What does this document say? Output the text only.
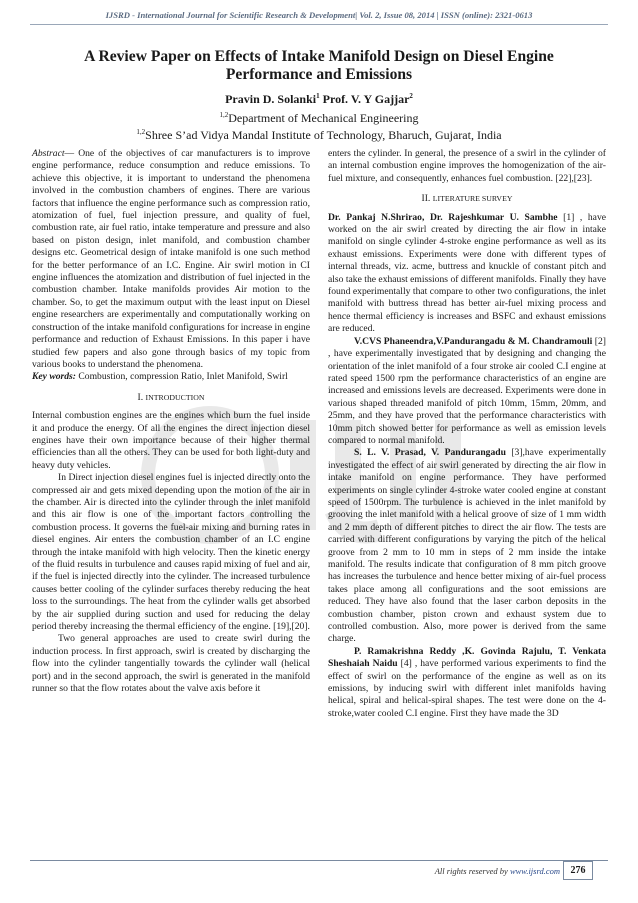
IJSRD - International Journal for Scientific Research & Development| Vol. 2, Issue 08, 2014 | ISSN (online): 2321-0613
A Review Paper on Effects of Intake Manifold Design on Diesel Engine Performance and Emissions
Pravin D. Solanki$^1$ Prof. V. Y Gajjar$^2$
$^{1,2}$Department of Mechanical Engineering
$^{1,2}$Shree S’ad Vidya Mandal Institute of Technology, Bharuch, Gujarat, India

Abstract— One of the objectives of car manufacturers is to improve engine performance, reduce consumption and reduce emissions. To achieve this objective, it is important to understand the phenomena involved in the combustion chambers of engines. There are various factors that influence the engine performance such as compression ratio, atomization of fuel, fuel injection pressure, and quality of fuel, combustion rate, air fuel ratio, intake temperature and pressure and also based on piston design, inlet manifold, and combustion chamber designs etc. Geometrical design of intake manifold is one such method for the better performance of an I.C. Engine. Air swirl motion in CI engine influences the atomization and distribution of fuel injected in the combustion chamber. Intake manifolds provides Air motion to the chamber. So, to get the maximum output with the least input on Diesel engine researchers are experimentally and computationally working on construction of the intake manifold configurations for increase in engine performance and reduction of Exhaust Emissions. In this paper i have studied few papers and also gone through basics of my topic from various books to understand the phenomena.

Key words: Combustion, compression Ratio, Inlet Manifold, Swirl

I. INTRODUCTION

Internal combustion engines are the engines which burn the fuel inside it and produce the energy. Of all the engines the direct injection diesel engines have their own importance because of their higher thermal efficiencies than all the others. They can be used for both light-duty and heavy duty vehicles.

In Direct injection diesel engines fuel is injected directly onto the compressed air and gets mixed depending upon the motion of the air in the chamber. Air is directed into the cylinder through the inlet manifold and this air flow is one of the important factors controlling the combustion process. It governs the fuel-air mixing and burning rates in diesel engines. Air enters the combustion chamber of an I.C engine through the intake manifold with high velocity. Then the kinetic energy of the fluid results in turbulence and causes rapid mixing of fuel and air, if the fuel is injected directly into the cylinder. The increased turbulence causes better cooling of the cylinder surfaces thereby reducing the heat loss to the surroundings. The heat from the cylinder walls get absorbed by the air supplied during suction and used for reducing the delay period thereby increasing the thermal efficiency of the engine. [19],[20].

Two general approaches are used to create swirl during the induction process. In first approach, swirl is created by discharging the flow into the cylinder tangentially towards the cylinder wall (helical port) and in the second approach, the swirl is generated in the manifold runner so that the flow rotates about the valve axis before it

enters the cylinder. In general, the presence of a swirl in the cylinder of an internal combustion engine improves the homogenization of the air-fuel mixture, and consequently, enhances fuel combustion. [22],[23].

II. LITERATURE SURVEY

Dr. Pankaj N.Shrirao, Dr. Rajeshkumar U. Sambhe [1] , have worked on the air swirl created by directing the air flow in intake manifold on single cylinder 4-stroke engine performance as well as its exhaust emissions. Experiments were done with different types of internal threads, viz. acme, buttress and knuckle of constant pitch and also take the exhaust emissions of different manifolds. Finally they have found experimentally that compare to other two configurations, the inlet manifold with buttress thread has better air-fuel mixing process and hence thermal efficiency is increases and BSFC and exhaust emissions are reduced.

V.CVS Phaneendra,V.Pandurangadu & M. Chandramouli [2] , have experimentally investigated that by designing and changing the orientation of the inlet manifold of a four stroke air cooled C.I engine at rated speed 1500 rpm the performance characteristics of an engine are increased and emissions levels are decreased. Experiments were done in various shaped threaded manifold of pitch 10mm, 15mm, 20mm, and 25mm, and they have proved that the performance characteristics with 10mm pitch showed better for performance as well as emission levels compared to normal manifold.

S. L. V. Prasad, V. Pandurangadu [3],have experimentally investigated the effect of air swirl generated by directing the air flow in intake manifold on engine performance. They have performed experiments on single cylinder 4-stroke water cooled engine at constant speed of 1500rpm. The turbulence is achieved in the inlet manifold by grooving the inlet manifold with a helical groove of size of 1 mm width and 2 mm depth of different pitches to direct the air flow. The tests are carried with different configurations by varying the pitch of the helical groove from 2 mm to 10 mm in steps of 2 mm inside the intake manifold. The results indicate that configuration of 8 mm pitch groove has increases the turbulence and hence better mixing of air-fuel process takes place among all configurations and the soot emissions are reduced. They have also found that the laser carbon deposits in the combustion chamber, piston crown and exhaust system due to controlled combustion. Also, more power is derived from the same charge.

P. Ramakrishna Reddy ,K. Govinda Rajulu, T. Venkata Sheshaiah Naidu [4] , have performed various experiments to find the effect of swirl on the performance of the engine as well as on its emissions, by inducing swirl with different inlet manifolds having helical, spiral and helical-spiral shapes. The test were done on the 4-stroke,water cooled C.I engine. First they have made the 3D

All rights reserved by www.ijsrd.com	276
